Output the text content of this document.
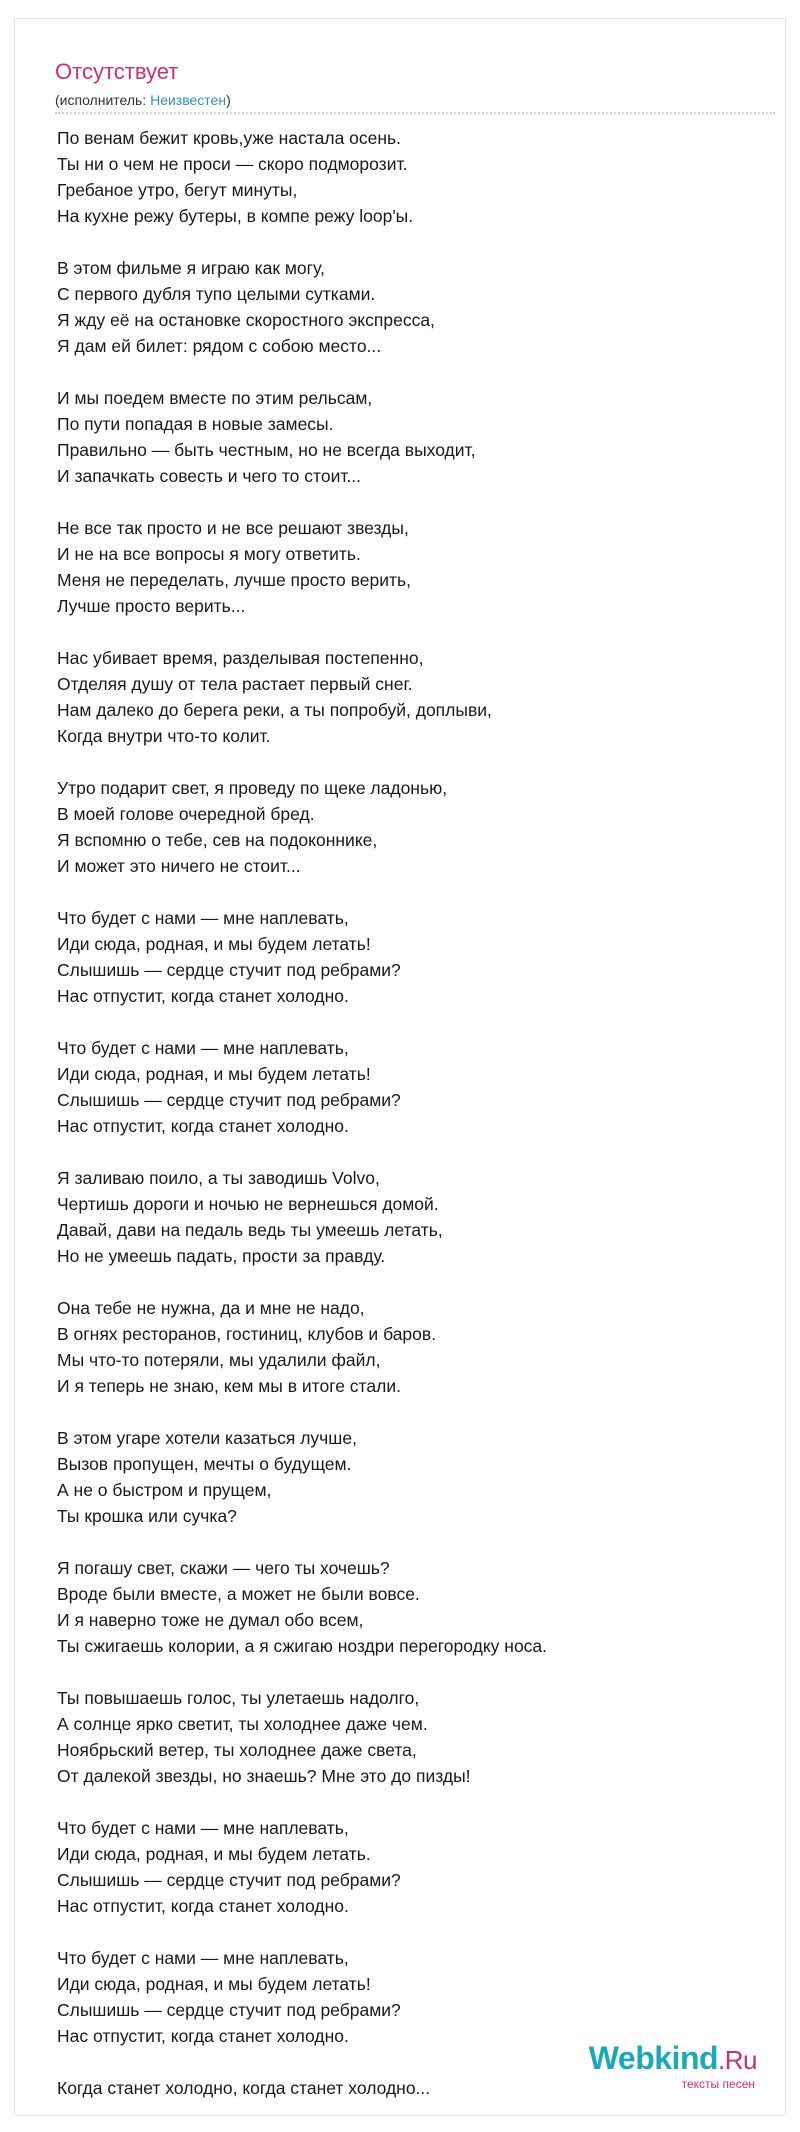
Отсутствует
(исполнитель: Неизвестен)
По венам бежит кровь,уже настала осень.
Ты ни о чем не проси — скоро подморозит.
Гребаное утро, бегут минуты,
На кухне режу бутеры, в компе режу loop'ы.
В этом фильме я играю как могу,
С первого дубля тупо целыми сутками.
Я жду её на остановке скоростного экспресса,
Я дам ей билет: рядом с собою место...
И мы поедем вместе по этим рельсам,
По пути попадая в новые замесы.
Правильно — быть честным, но не всегда выходит,
И запачкать совесть и чего то стоит...
Не все так просто и не все решают звезды,
И не на все вопросы я могу ответить.
Меня не переделать, лучше просто верить,
Лучше просто верить...
Нас убивает время, разделывая постепенно,
Отделяя душу от тела растает первый снег.
Нам далеко до берега реки, а ты попробуй, доплыви,
Когда внутри что-то колит.
Утро подарит свет, я проведу по щеке ладонью,
В моей голове очередной бред.
Я вспомню о тебе, сев на подоконнике,
И может это ничего не стоит...
Что будет с нами — мне наплевать,
Иди сюда, родная, и мы будем летать!
Слышишь — сердце стучит под ребрами?
Нас отпустит, когда станет холодно.
Что будет с нами — мне наплевать,
Иди сюда, родная, и мы будем летать!
Слышишь — сердце стучит под ребрами?
Нас отпустит, когда станет холодно.
Я заливаю поило, а ты заводишь Volvo,
Чертишь дороги и ночью не вернешься домой.
Давай, дави на педаль ведь ты умеешь летать,
Но не умеешь падать, прости за правду.
Она тебе не нужна, да и мне не надо,
В огнях ресторанов, гостиниц, клубов и баров.
Мы что-то потеряли, мы удалили файл,
И я теперь не знаю, кем мы в итоге стали.
В этом угаре хотели казаться лучше,
Вызов пропущен, мечты о будущем.
А не о быстром и прущем,
Ты крошка или сучка?
Я погашу свет, скажи — чего ты хочешь?
Вроде были вместе, а может не были вовсе.
И я наверно тоже не думал обо всем,
Ты сжигаешь колории, а я сжигаю ноздри перегородку носа.
Ты повышаешь голос, ты улетаешь надолго,
А солнце ярко светит, ты холоднее даже чем.
Ноябрьский ветер, ты холоднее даже света,
От далекой звезды, но знаешь? Мне это до пизды!
Что будет с нами — мне наплевать,
Иди сюда, родная, и мы будем летать.
Слышишь — сердце стучит под ребрами?
Нас отпустит, когда станет холодно.
Что будет с нами — мне наплевать,
Иди сюда, родная, и мы будем летать!
Слышишь — сердце стучит под ребрами?
Нас отпустит, когда станет холодно.
Когда станет холодно, когда станет холодно...
Webkind.Ru
тексты песен
